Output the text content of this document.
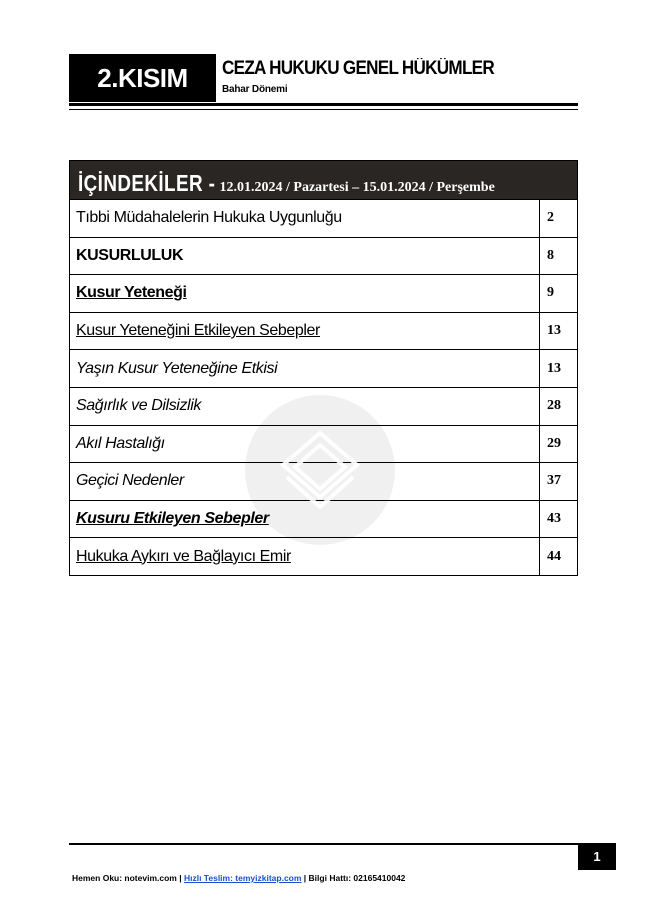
2.KISIM CEZA HUKUKU GENEL HÜKÜMLER
Bahar Dönemi
İÇİNDEKİLER - 12.01.2024 / Pazartesi – 15.01.2024 / Perşembe
Tıbbi Müdahalelerin Hukuka Uygunluğu	2
KUSURLULUK	8
Kusur Yeteneği	9
Kusur Yeteneğini Etkileyen Sebepler	13
Yaşın Kusur Yeteneğine Etkisi	13
Sağırlık ve Dilsizlik	28
Akıl Hastalığı	29
Geçici Nedenler	37
Kusuru Etkileyen Sebepler	43
Hukuka Aykırı ve Bağlayıcı Emir	44
1
Hemen Oku: notevim.com | Hızlı Teslim: temyizkitap.com | Bilgi Hattı: 02165410042
